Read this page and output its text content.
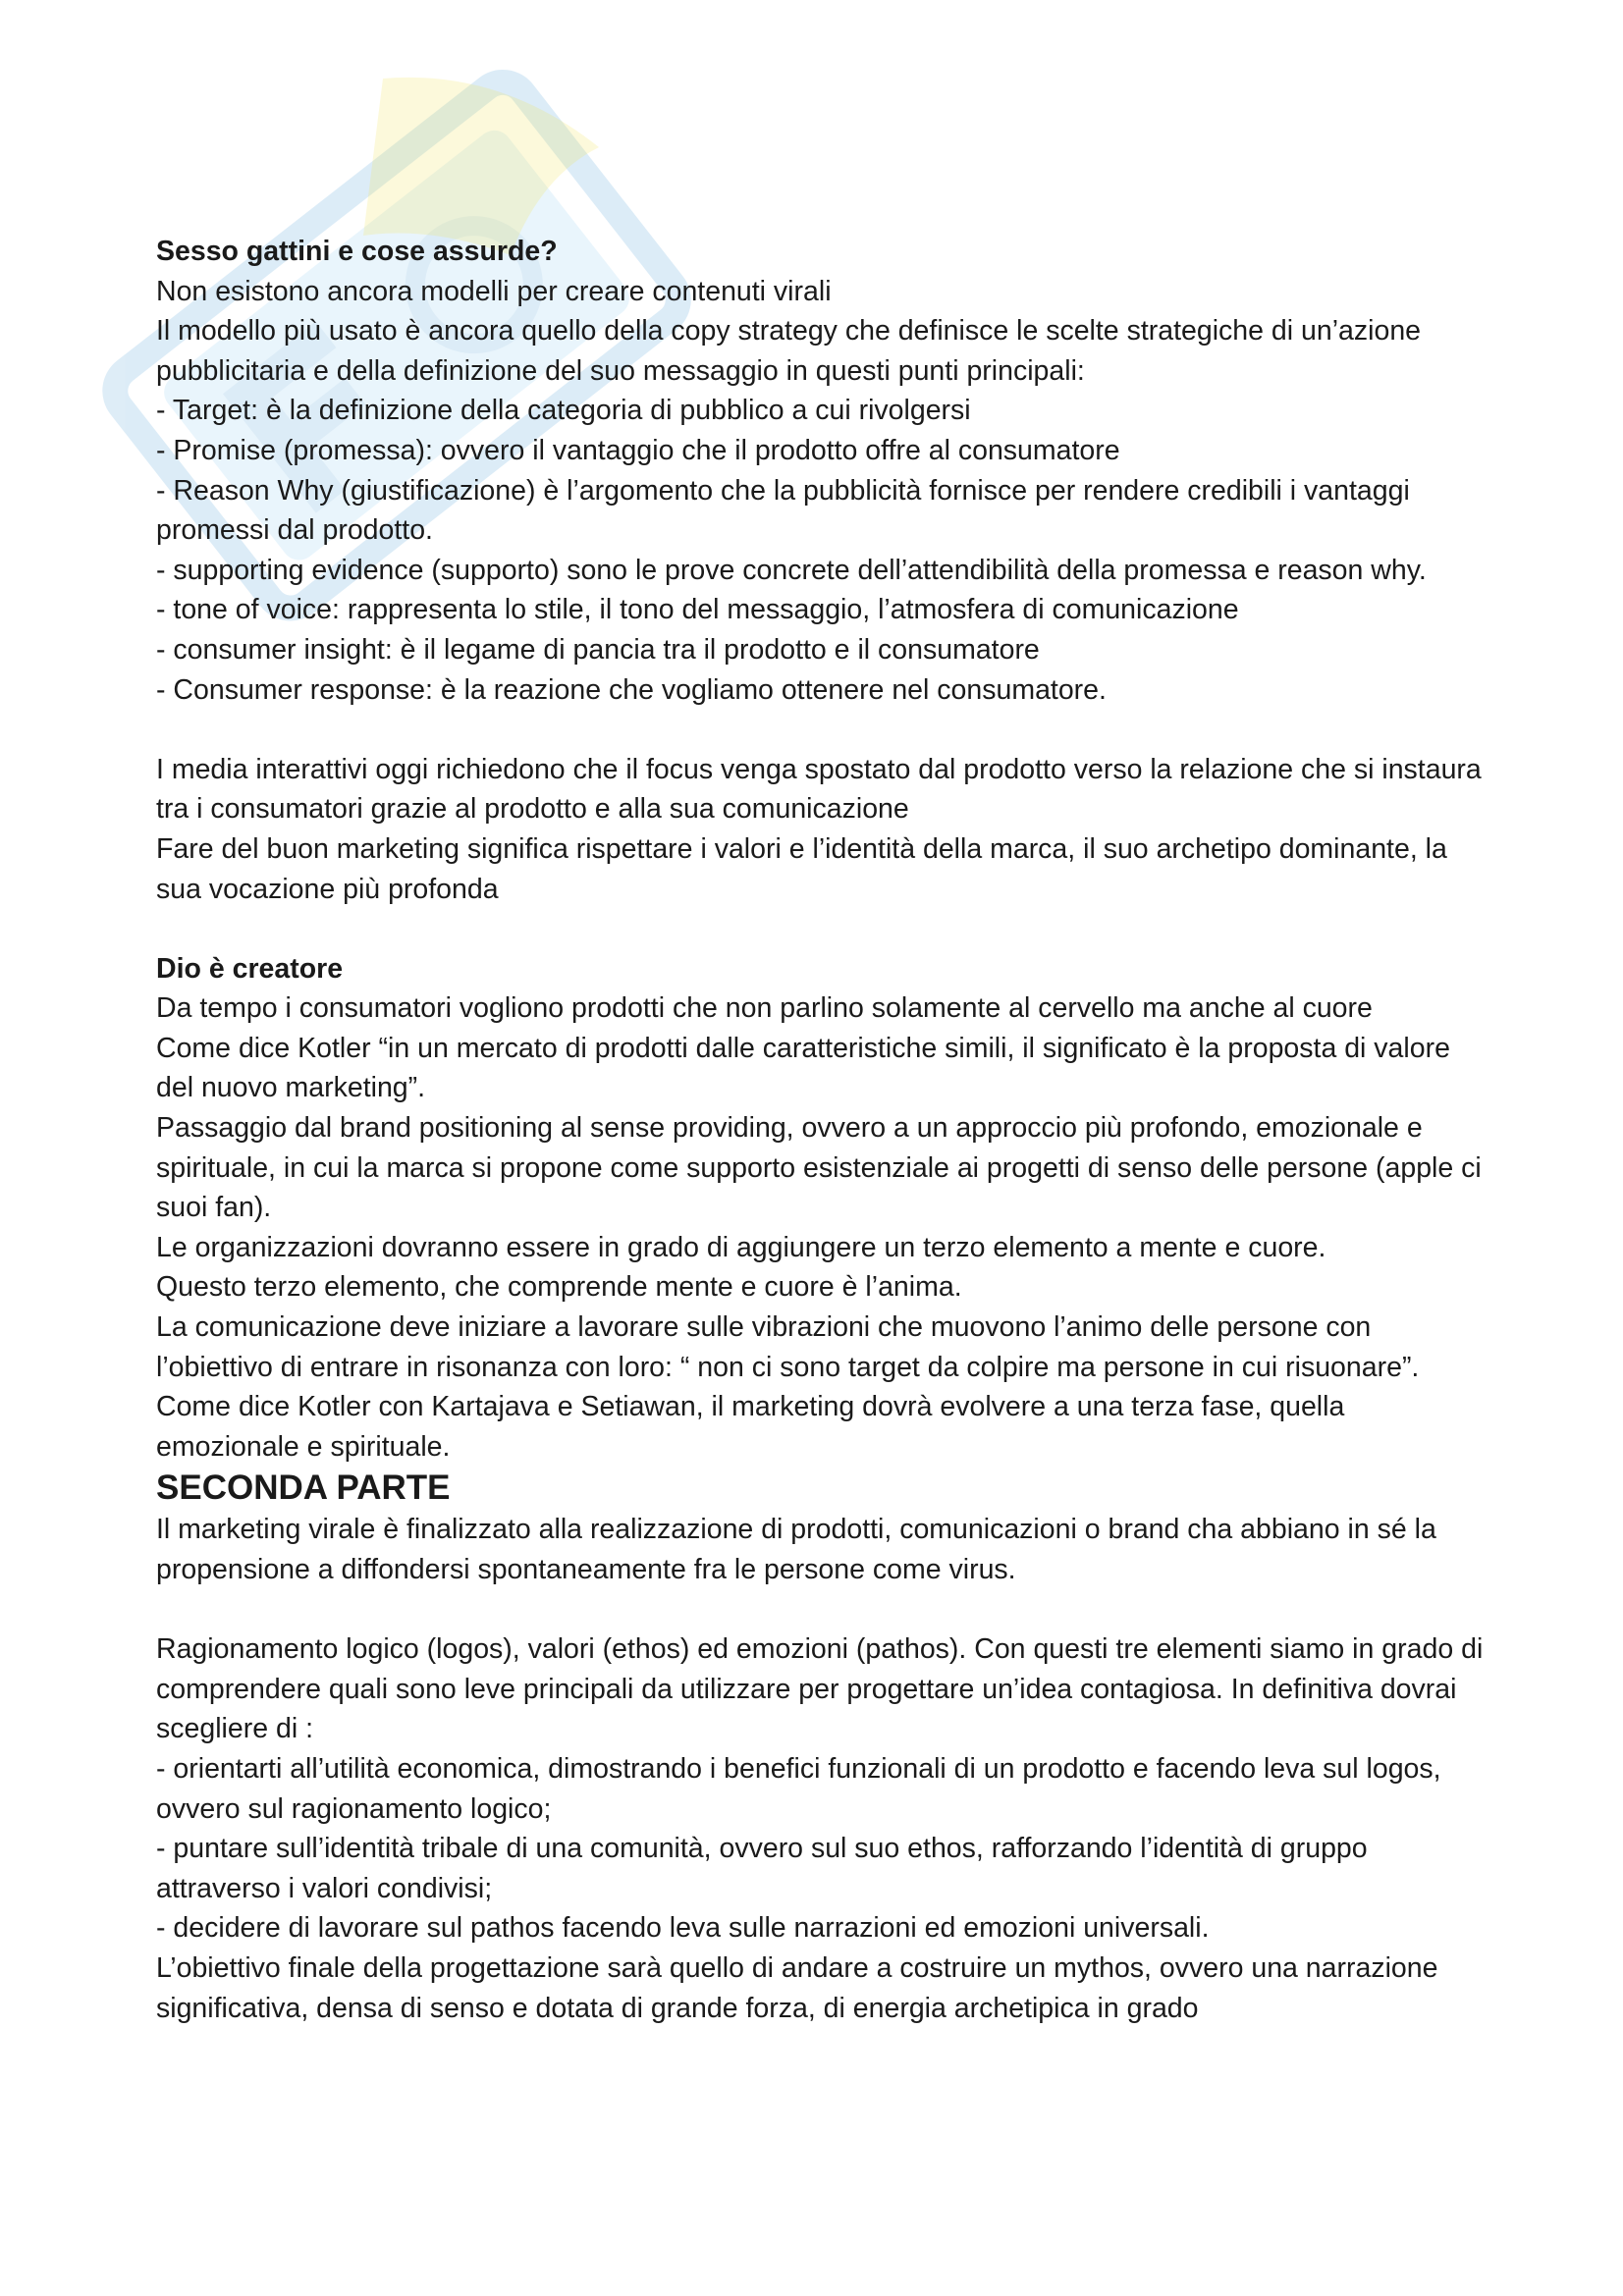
Sesso gattini e cose assurde?

Non esistono ancora modelli per creare contenuti virali

Il modello più usato è ancora quello della copy strategy che definisce le scelte strategiche di un’azione pubblicitaria e della definizione del suo messaggio in questi punti principali:

- Target: è la definizione della categoria di pubblico a cui rivolgersi

- Promise (promessa): ovvero il vantaggio che il prodotto offre al consumatore

- Reason Why (giustificazione) è l’argomento che la pubblicità fornisce per rendere credibili i vantaggi promessi dal prodotto.

- supporting evidence (supporto) sono le prove concrete dell’attendibilità della promessa e reason why.

- tone of voice: rappresenta lo stile, il tono del messaggio, l’atmosfera di comunicazione

- consumer insight: è il legame di pancia tra il prodotto e il consumatore

- Consumer response: è la reazione che vogliamo ottenere nel consumatore.

I media interattivi oggi richiedono che il focus venga spostato dal prodotto verso la relazione che si instaura tra i consumatori grazie al prodotto e alla sua comunicazione

Fare del buon marketing significa rispettare i valori e l’identità della marca, il suo archetipo dominante, la sua vocazione più profonda

Dio è creatore

Da tempo i consumatori vogliono prodotti che non parlino solamente al cervello ma anche al cuore

Come dice Kotler “in un mercato di prodotti dalle caratteristiche simili, il significato è la proposta di valore del nuovo marketing”.

Passaggio dal brand positioning al sense providing, ovvero a un approccio più profondo, emozionale e spirituale, in cui la marca si propone come supporto esistenziale ai progetti di senso delle persone (apple ci suoi fan).

Le organizzazioni dovranno essere in grado di aggiungere un terzo elemento a mente e cuore.

Questo terzo elemento, che comprende mente e cuore è l’anima.

La comunicazione deve iniziare a lavorare sulle vibrazioni che muovono l’animo delle persone con l’obiettivo di entrare in risonanza con loro: “ non ci sono target da colpire ma persone in cui risuonare”. Come dice Kotler con Kartajava e Setiawan, il marketing dovrà evolvere a una terza fase, quella emozionale e spirituale.

SECONDA PARTE

Il marketing virale è finalizzato alla realizzazione di prodotti, comunicazioni o brand cha abbiano in sé la propensione a diffondersi spontaneamente fra le persone come virus.

Ragionamento logico (logos), valori (ethos) ed emozioni (pathos). Con questi tre elementi siamo in grado di comprendere quali sono leve principali da utilizzare per progettare un’idea contagiosa. In definitiva dovrai scegliere di :

- orientarti all’utilità economica, dimostrando i benefici funzionali di un prodotto e facendo leva sul logos, ovvero sul ragionamento logico;

- puntare sull’identità tribale di una comunità, ovvero sul suo ethos, rafforzando l’identità di gruppo attraverso i valori condivisi;

- decidere di lavorare sul pathos facendo leva sulle narrazioni ed emozioni universali.

L’obiettivo finale della progettazione sarà quello di andare a costruire un mythos, ovvero una narrazione significativa, densa di senso e dotata di grande forza, di energia archetipica in grado
